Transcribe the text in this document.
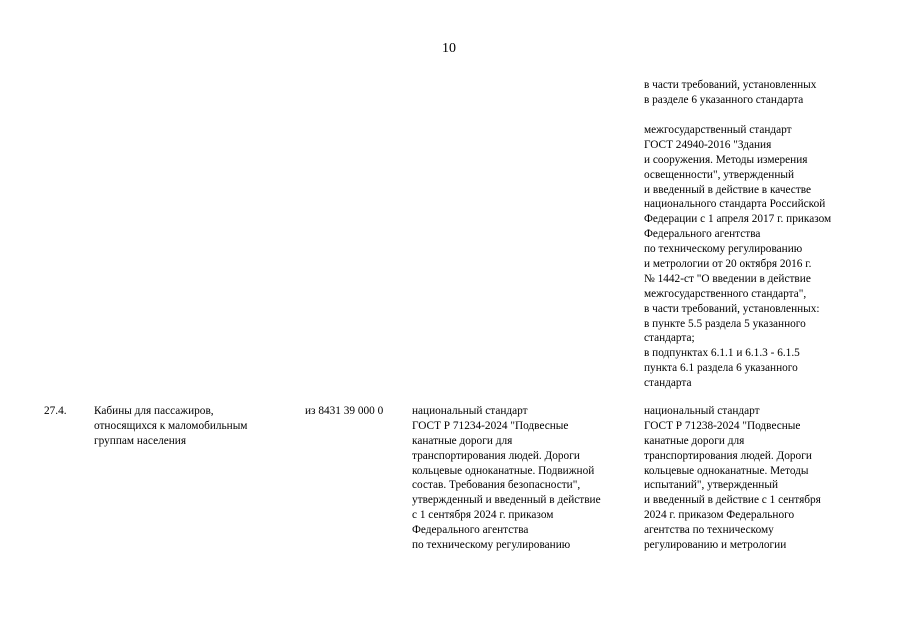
10
в части требований, установленных
в разделе 6 указанного стандарта
межгосударственный стандарт
ГОСТ 24940-2016 "Здания
и сооружения. Методы измерения
освещенности", утвержденный
и введенный в действие в качестве
национального стандарта Российской
Федерации с 1 апреля 2017 г. приказом
Федерального агентства
по техническому регулированию
и метрологии от 20 октября 2016 г.
№ 1442-ст "О введении в действие
межгосударственного стандарта",
в части требований, установленных:
в пункте 5.5 раздела 5 указанного
стандарта;
в подпунктах 6.1.1 и 6.1.3 - 6.1.5
пункта 6.1 раздела 6 указанного
стандарта
27.4. Кабины для пассажиров,
относящихся к маломобильным
группам населения
из 8431 39 000 0	национальный стандарт
ГОСТ Р 71234-2024 "Подвесные
канатные дороги для
транспортирования людей. Дороги
кольцевые одноканатные. Подвижной
состав. Требования безопасности",
утвержденный и введенный в действие
с 1 сентября 2024 г. приказом
Федерального агентства
по техническому регулированию
национальный стандарт
ГОСТ Р 71238-2024 "Подвесные
канатные дороги для
транспортирования людей. Дороги
кольцевые одноканатные. Методы
испытаний", утвержденный
и введенный в действие с 1 сентября
2024 г. приказом Федерального
агентства по техническому
регулированию и метрологии
